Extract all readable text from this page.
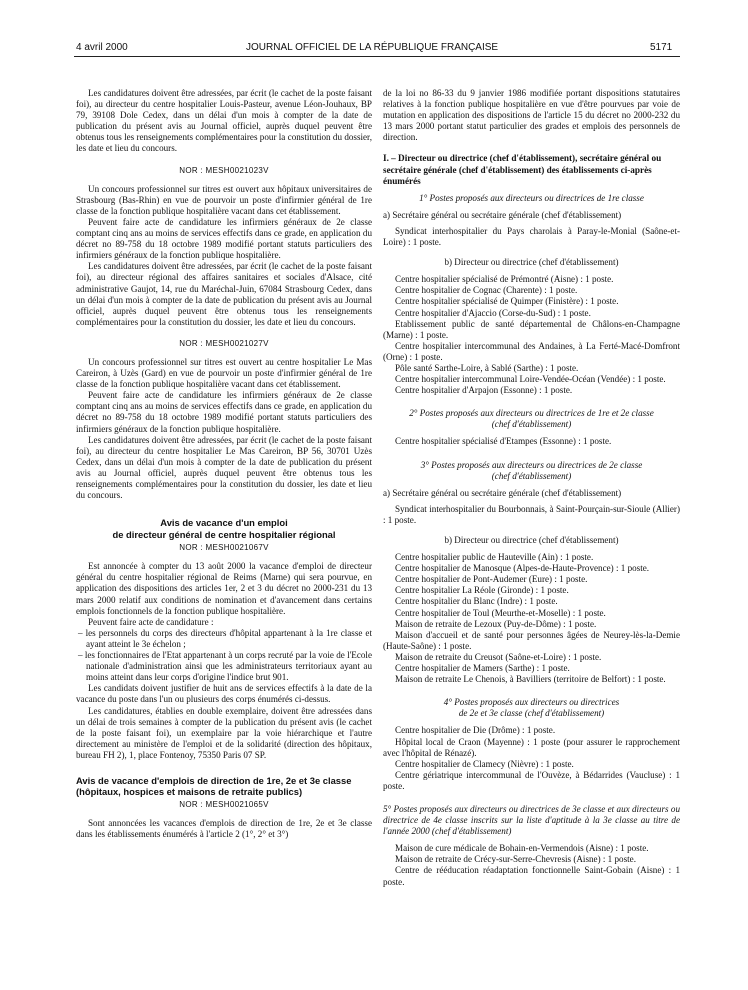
4 avril 2000	JOURNAL OFFICIEL DE LA RÉPUBLIQUE FRANÇAISE	5171

Les candidatures doivent être adressées, par écrit (le cachet de la poste faisant foi), au directeur du centre hospitalier Louis-Pasteur, avenue Léon-Jouhaux, BP 79, 39108 Dole Cedex, dans un délai d'un mois à compter de la date de publication du présent avis au Journal officiel, auprès duquel peuvent être obtenus tous les renseignements complémentaires pour la constitution du dossier, les date et lieu du concours.

NOR : MESH0021023V

Un concours professionnel sur titres est ouvert aux hôpitaux universitaires de Strasbourg (Bas-Rhin) en vue de pourvoir un poste d'infirmier général de 1re classe de la fonction publique hospitalière vacant dans cet établissement.

Peuvent faire acte de candidature les infirmiers généraux de 2e classe comptant cinq ans au moins de services effectifs dans ce grade, en application du décret no 89-758 du 18 octobre 1989 modifié portant statuts particuliers des infirmiers généraux de la fonction publique hospitalière.

Les candidatures doivent être adressées, par écrit (le cachet de la poste faisant foi), au directeur régional des affaires sanitaires et sociales d'Alsace, cité administrative Gaujot, 14, rue du Maréchal-Juin, 67084 Strasbourg Cedex, dans un délai d'un mois à compter de la date de publication du présent avis au Journal officiel, auprès duquel peuvent être obtenus tous les renseignements complémentaires pour la constitution du dossier, les date et lieu du concours.

NOR : MESH0021027V

Un concours professionnel sur titres est ouvert au centre hospitalier Le Mas Careiron, à Uzès (Gard) en vue de pourvoir un poste d'infirmier général de 1re classe de la fonction publique hospitalière vacant dans cet établissement.

Peuvent faire acte de candidature les infirmiers généraux de 2e classe comptant cinq ans au moins de services effectifs dans ce grade, en application du décret no 89-758 du 18 octobre 1989 modifié portant statuts particuliers des infirmiers généraux de la fonction publique hospitalière.

Les candidatures doivent être adressées, par écrit (le cachet de la poste faisant foi), au directeur du centre hospitalier Le Mas Careiron, BP 56, 30701 Uzès Cedex, dans un délai d'un mois à compter de la date de publication du présent avis au Journal officiel, auprès duquel peuvent être obtenus tous les renseignements complémentaires pour la constitution du dossier, les date et lieu du concours.

Avis de vacance d'un emploi
de directeur général de centre hospitalier régional
NOR : MESH0021067V

Est annoncée à compter du 13 août 2000 la vacance d'emploi de directeur général du centre hospitalier régional de Reims (Marne) qui sera pourvue, en application des dispositions des articles 1er, 2 et 3 du décret no 2000-231 du 13 mars 2000 relatif aux conditions de nomination et d'avancement dans certains emplois fonctionnels de la fonction publique hospitalière.

Peuvent faire acte de candidature :

– les personnels du corps des directeurs d'hôpital appartenant à la 1re classe et ayant atteint le 3e échelon ;

– les fonctionnaires de l'Etat appartenant à un corps recruté par la voie de l'Ecole nationale d'administration ainsi que les administrateurs territoriaux ayant au moins atteint dans leur corps d'origine l'indice brut 901.

Les candidats doivent justifier de huit ans de services effectifs à la date de la vacance du poste dans l'un ou plusieurs des corps énumérés ci-dessus.

Les candidatures, établies en double exemplaire, doivent être adressées dans un délai de trois semaines à compter de la publication du présent avis (le cachet de la poste faisant foi), un exemplaire par la voie hiérarchique et l'autre directement au ministère de l'emploi et de la solidarité (direction des hôpitaux, bureau FH 2), 1, place Fontenoy, 75350 Paris 07 SP.

Avis de vacance d'emplois de direction de 1re, 2e et 3e classe (hôpitaux, hospices et maisons de retraite publics)
NOR : MESH0021065V

Sont annoncées les vacances d'emplois de direction de 1re, 2e et 3e classe dans les établissements énumérés à l'article 2 (1°, 2° et 3°)

de la loi no 86-33 du 9 janvier 1986 modifiée portant dispositions statutaires relatives à la fonction publique hospitalière en vue d'être pourvues par voie de mutation en application des dispositions de l'article 15 du décret no 2000-232 du 13 mars 2000 portant statut particulier des grades et emplois des personnels de direction.

I. – Directeur ou directrice (chef d'établissement), secrétaire général ou secrétaire générale (chef d'établissement) des établissements ci-après énumérés

1° Postes proposés aux directeurs ou directrices de 1re classe

a) Secrétaire général ou secrétaire générale (chef d'établissement)

Syndicat interhospitalier du Pays charolais à Paray-le-Monial (Saône-et-Loire) : 1 poste.

b) Directeur ou directrice (chef d'établissement)

Centre hospitalier spécialisé de Prémontré (Aisne) : 1 poste.

Centre hospitalier de Cognac (Charente) : 1 poste.

Centre hospitalier spécialisé de Quimper (Finistère) : 1 poste.

Centre hospitalier d'Ajaccio (Corse-du-Sud) : 1 poste.

Etablissement public de santé départemental de Châlons-en-Champagne (Marne) : 1 poste.

Centre hospitalier intercommunal des Andaines, à La Ferté-Macé-Domfront (Orne) : 1 poste.

Pôle santé Sarthe-Loire, à Sablé (Sarthe) : 1 poste.

Centre hospitalier intercommunal Loire-Vendée-Océan (Vendée) : 1 poste.

Centre hospitalier d'Arpajon (Essonne) : 1 poste.

2° Postes proposés aux directeurs ou directrices de 1re et 2e classe

(chef d'établissement)

Centre hospitalier spécialisé d'Etampes (Essonne) : 1 poste.

3° Postes proposés aux directeurs ou directrices de 2e classe

(chef d'établissement)

a) Secrétaire général ou secrétaire générale (chef d'établissement)

Syndicat interhospitalier du Bourbonnais, à Saint-Pourçain-sur-Sioule (Allier) : 1 poste.

b) Directeur ou directrice (chef d'établissement)

Centre hospitalier public de Hauteville (Ain) : 1 poste.

Centre hospitalier de Manosque (Alpes-de-Haute-Provence) : 1 poste.

Centre hospitalier de Pont-Audemer (Eure) : 1 poste.

Centre hospitalier La Réole (Gironde) : 1 poste.

Centre hospitalier du Blanc (Indre) : 1 poste.

Centre hospitalier de Toul (Meurthe-et-Moselle) : 1 poste.

Maison de retraite de Lezoux (Puy-de-Dôme) : 1 poste.

Maison d'accueil et de santé pour personnes âgées de Neurey-lès-la-Demie (Haute-Saône) : 1 poste.

Maison de retraite du Creusot (Saône-et-Loire) : 1 poste.

Centre hospitalier de Mamers (Sarthe) : 1 poste.

Maison de retraite Le Chenois, à Bavilliers (territoire de Belfort) : 1 poste.

4° Postes proposés aux directeurs ou directrices

de 2e et 3e classe (chef d'établissement)

Centre hospitalier de Die (Drôme) : 1 poste.

Hôpital local de Craon (Mayenne) : 1 poste (pour assurer le rapprochement avec l'hôpital de Rénazé).

Centre hospitalier de Clamecy (Nièvre) : 1 poste.

Centre gériatrique intercommunal de l'Ouvèze, à Bédarrides (Vaucluse) : 1 poste.

5° Postes proposés aux directeurs ou directrices de 3e classe et aux directeurs ou directrice de 4e classe inscrits sur la liste d'aptitude à la 3e classe au titre de l'année 2000 (chef d'établissement)

Maison de cure médicale de Bohain-en-Vermendois (Aisne) : 1 poste.

Maison de retraite de Crécy-sur-Serre-Chevresis (Aisne) : 1 poste.

Centre de rééducation réadaptation fonctionnelle Saint-Gobain (Aisne) : 1 poste.
